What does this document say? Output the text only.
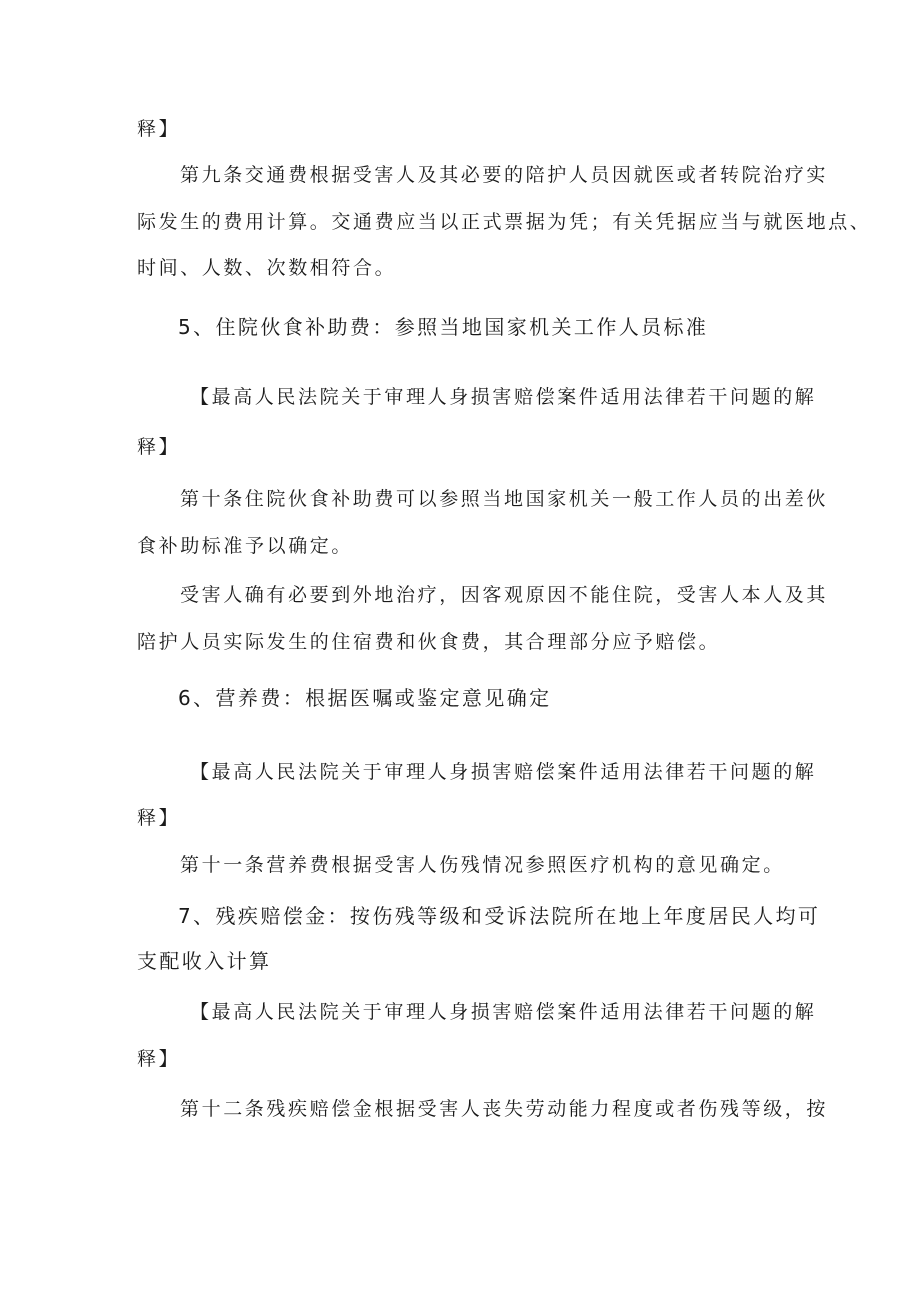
释】
第九条交通费根据受害人及其必要的陪护人员因就医或者转院治疗实
际发生的费用计算。交通费应当以正式票据为凭；有关凭据应当与就医地点、
时间、人数、次数相符合。
5、住院伙食补助费：参照当地国家机关工作人员标准
【最高人民法院关于审理人身损害赔偿案件适用法律若干问题的解
释】
第十条住院伙食补助费可以参照当地国家机关一般工作人员的出差伙
食补助标准予以确定。
受害人确有必要到外地治疗，因客观原因不能住院，受害人本人及其
陪护人员实际发生的住宿费和伙食费，其合理部分应予赔偿。
6、营养费：根据医嘱或鉴定意见确定
【最高人民法院关于审理人身损害赔偿案件适用法律若干问题的解
释】
第十一条营养费根据受害人伤残情况参照医疗机构的意见确定。
7、残疾赔偿金：按伤残等级和受诉法院所在地上年度居民人均可
支配收入计算
【最高人民法院关于审理人身损害赔偿案件适用法律若干问题的解
释】
第十二条残疾赔偿金根据受害人丧失劳动能力程度或者伤残等级，按
